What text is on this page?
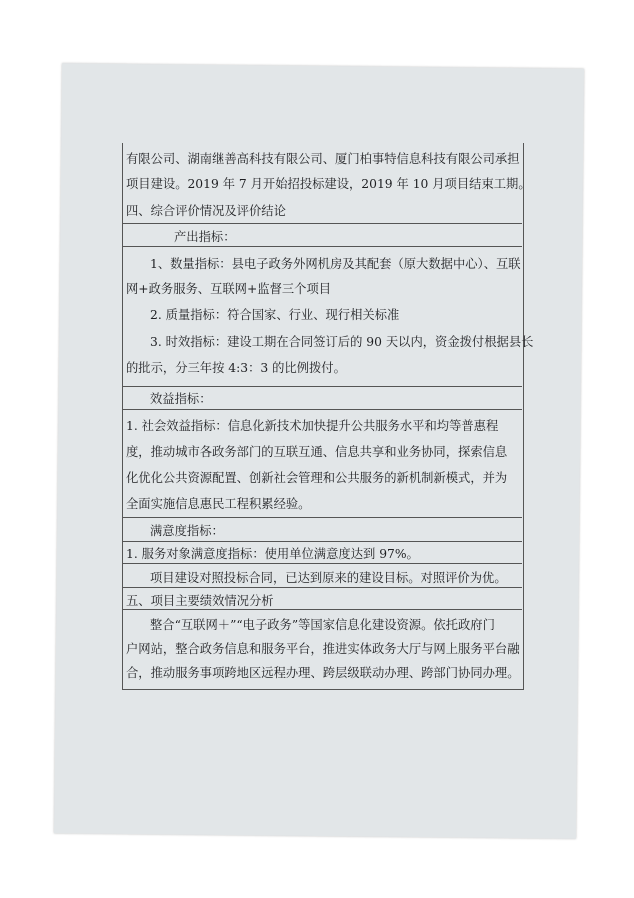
有限公司、湖南继善高科技有限公司、厦门柏事特信息科技有限公司承担
项目建设。2019 年 7 月开始招投标建设，2019 年 10 月项目结束工期。
四、综合评价情况及评价结论
产出指标：
1、数量指标：县电子政务外网机房及其配套（原大数据中心）、互联
网+政务服务、互联网+监督三个项目
2. 质量指标：符合国家、行业、现行相关标准
3. 时效指标：建设工期在合同签订后的 90 天以内，资金拨付根据县长
的批示，分三年按 4:3：3 的比例拨付。
效益指标：
1. 社会效益指标：信息化新技术加快提升公共服务水平和均等普惠程
度，推动城市各政务部门的互联互通、信息共享和业务协同，探索信息
化优化公共资源配置、创新社会管理和公共服务的新机制新模式，并为
全面实施信息惠民工程积累经验。
满意度指标：
1. 服务对象满意度指标：使用单位满意度达到 97%。
项目建设对照投标合同，已达到原来的建设目标。对照评价为优。
五、项目主要绩效情况分析
整合“互联网＋”“电子政务”等国家信息化建设资源。依托政府门
户网站，整合政务信息和服务平台，推进实体政务大厅与网上服务平台融
合，推动服务事项跨地区远程办理、跨层级联动办理、跨部门协同办理。
